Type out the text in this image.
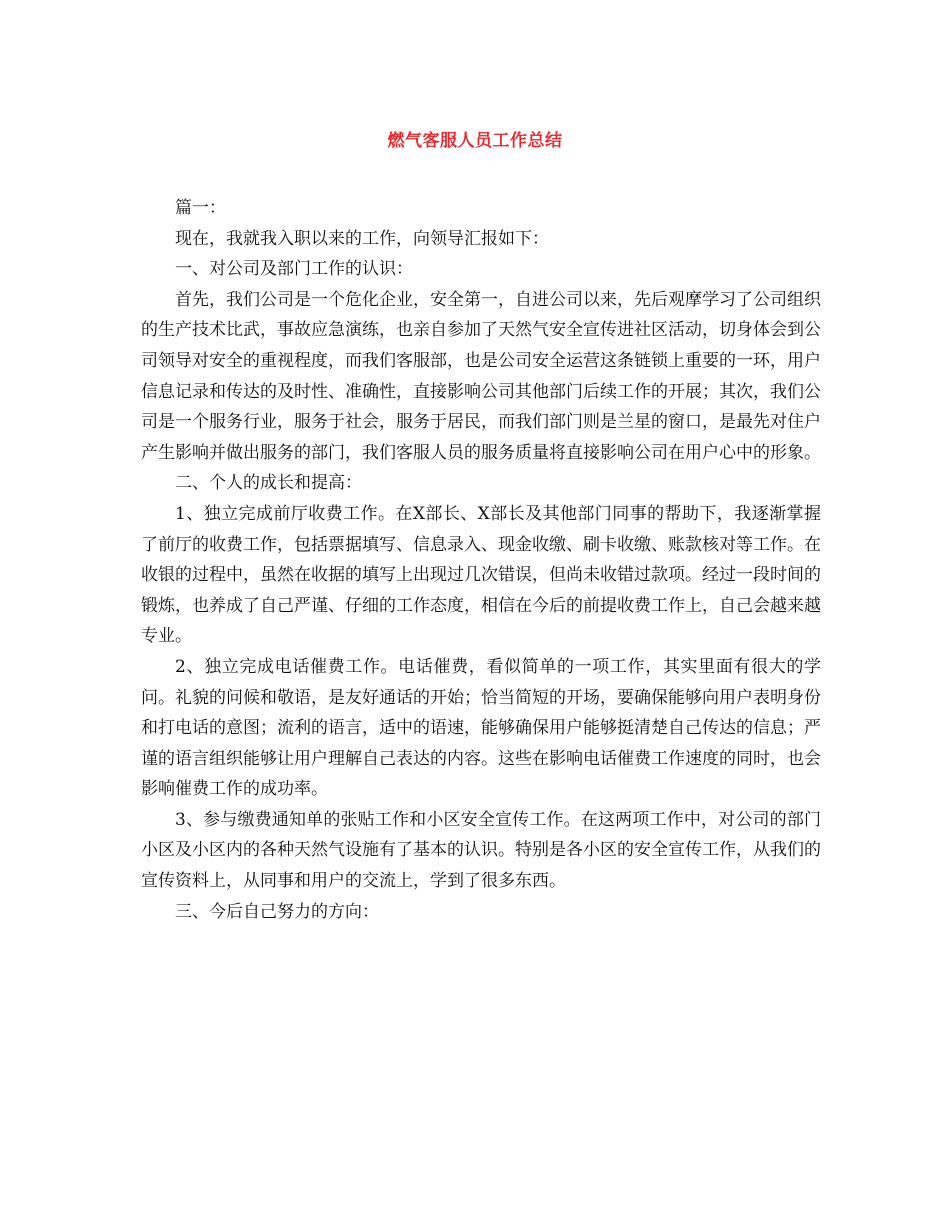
燃气客服人员工作总结

篇一：

现在，我就我入职以来的工作，向领导汇报如下：

一、对公司及部门工作的认识：

首先，我们公司是一个危化企业，安全第一，自进公司以来，先后观摩学习了公司组织的生产技术比武，事故应急演练，也亲自参加了天然气安全宣传进社区活动，切身体会到公司领导对安全的重视程度，而我们客服部，也是公司安全运营这条链锁上重要的一环，用户信息记录和传达的及时性、准确性，直接影响公司其他部门后续工作的开展；其次，我们公司是一个服务行业，服务于社会，服务于居民，而我们部门则是兰星的窗口，是最先对住户产生影响并做出服务的部门，我们客服人员的服务质量将直接影响公司在用户心中的形象。

二、个人的成长和提高：

1、独立完成前厅收费工作。在X部长、X部长及其他部门同事的帮助下，我逐渐掌握了前厅的收费工作，包括票据填写、信息录入、现金收缴、刷卡收缴、账款核对等工作。在收银的过程中，虽然在收据的填写上出现过几次错误，但尚未收错过款项。经过一段时间的锻炼，也养成了自己严谨、仔细的工作态度，相信在今后的前提收费工作上，自己会越来越专业。

2、独立完成电话催费工作。电话催费，看似简单的一项工作，其实里面有很大的学问。礼貌的问候和敬语，是友好通话的开始；恰当简短的开场，要确保能够向用户表明身份和打电话的意图；流利的语言，适中的语速，能够确保用户能够挺清楚自己传达的信息；严谨的语言组织能够让用户理解自己表达的内容。这些在影响电话催费工作速度的同时，也会影响催费工作的成功率。

3、参与缴费通知单的张贴工作和小区安全宣传工作。在这两项工作中，对公司的部门小区及小区内的各种天然气设施有了基本的认识。特别是各小区的安全宣传工作，从我们的宣传资料上，从同事和用户的交流上，学到了很多东西。

三、今后自己努力的方向：
